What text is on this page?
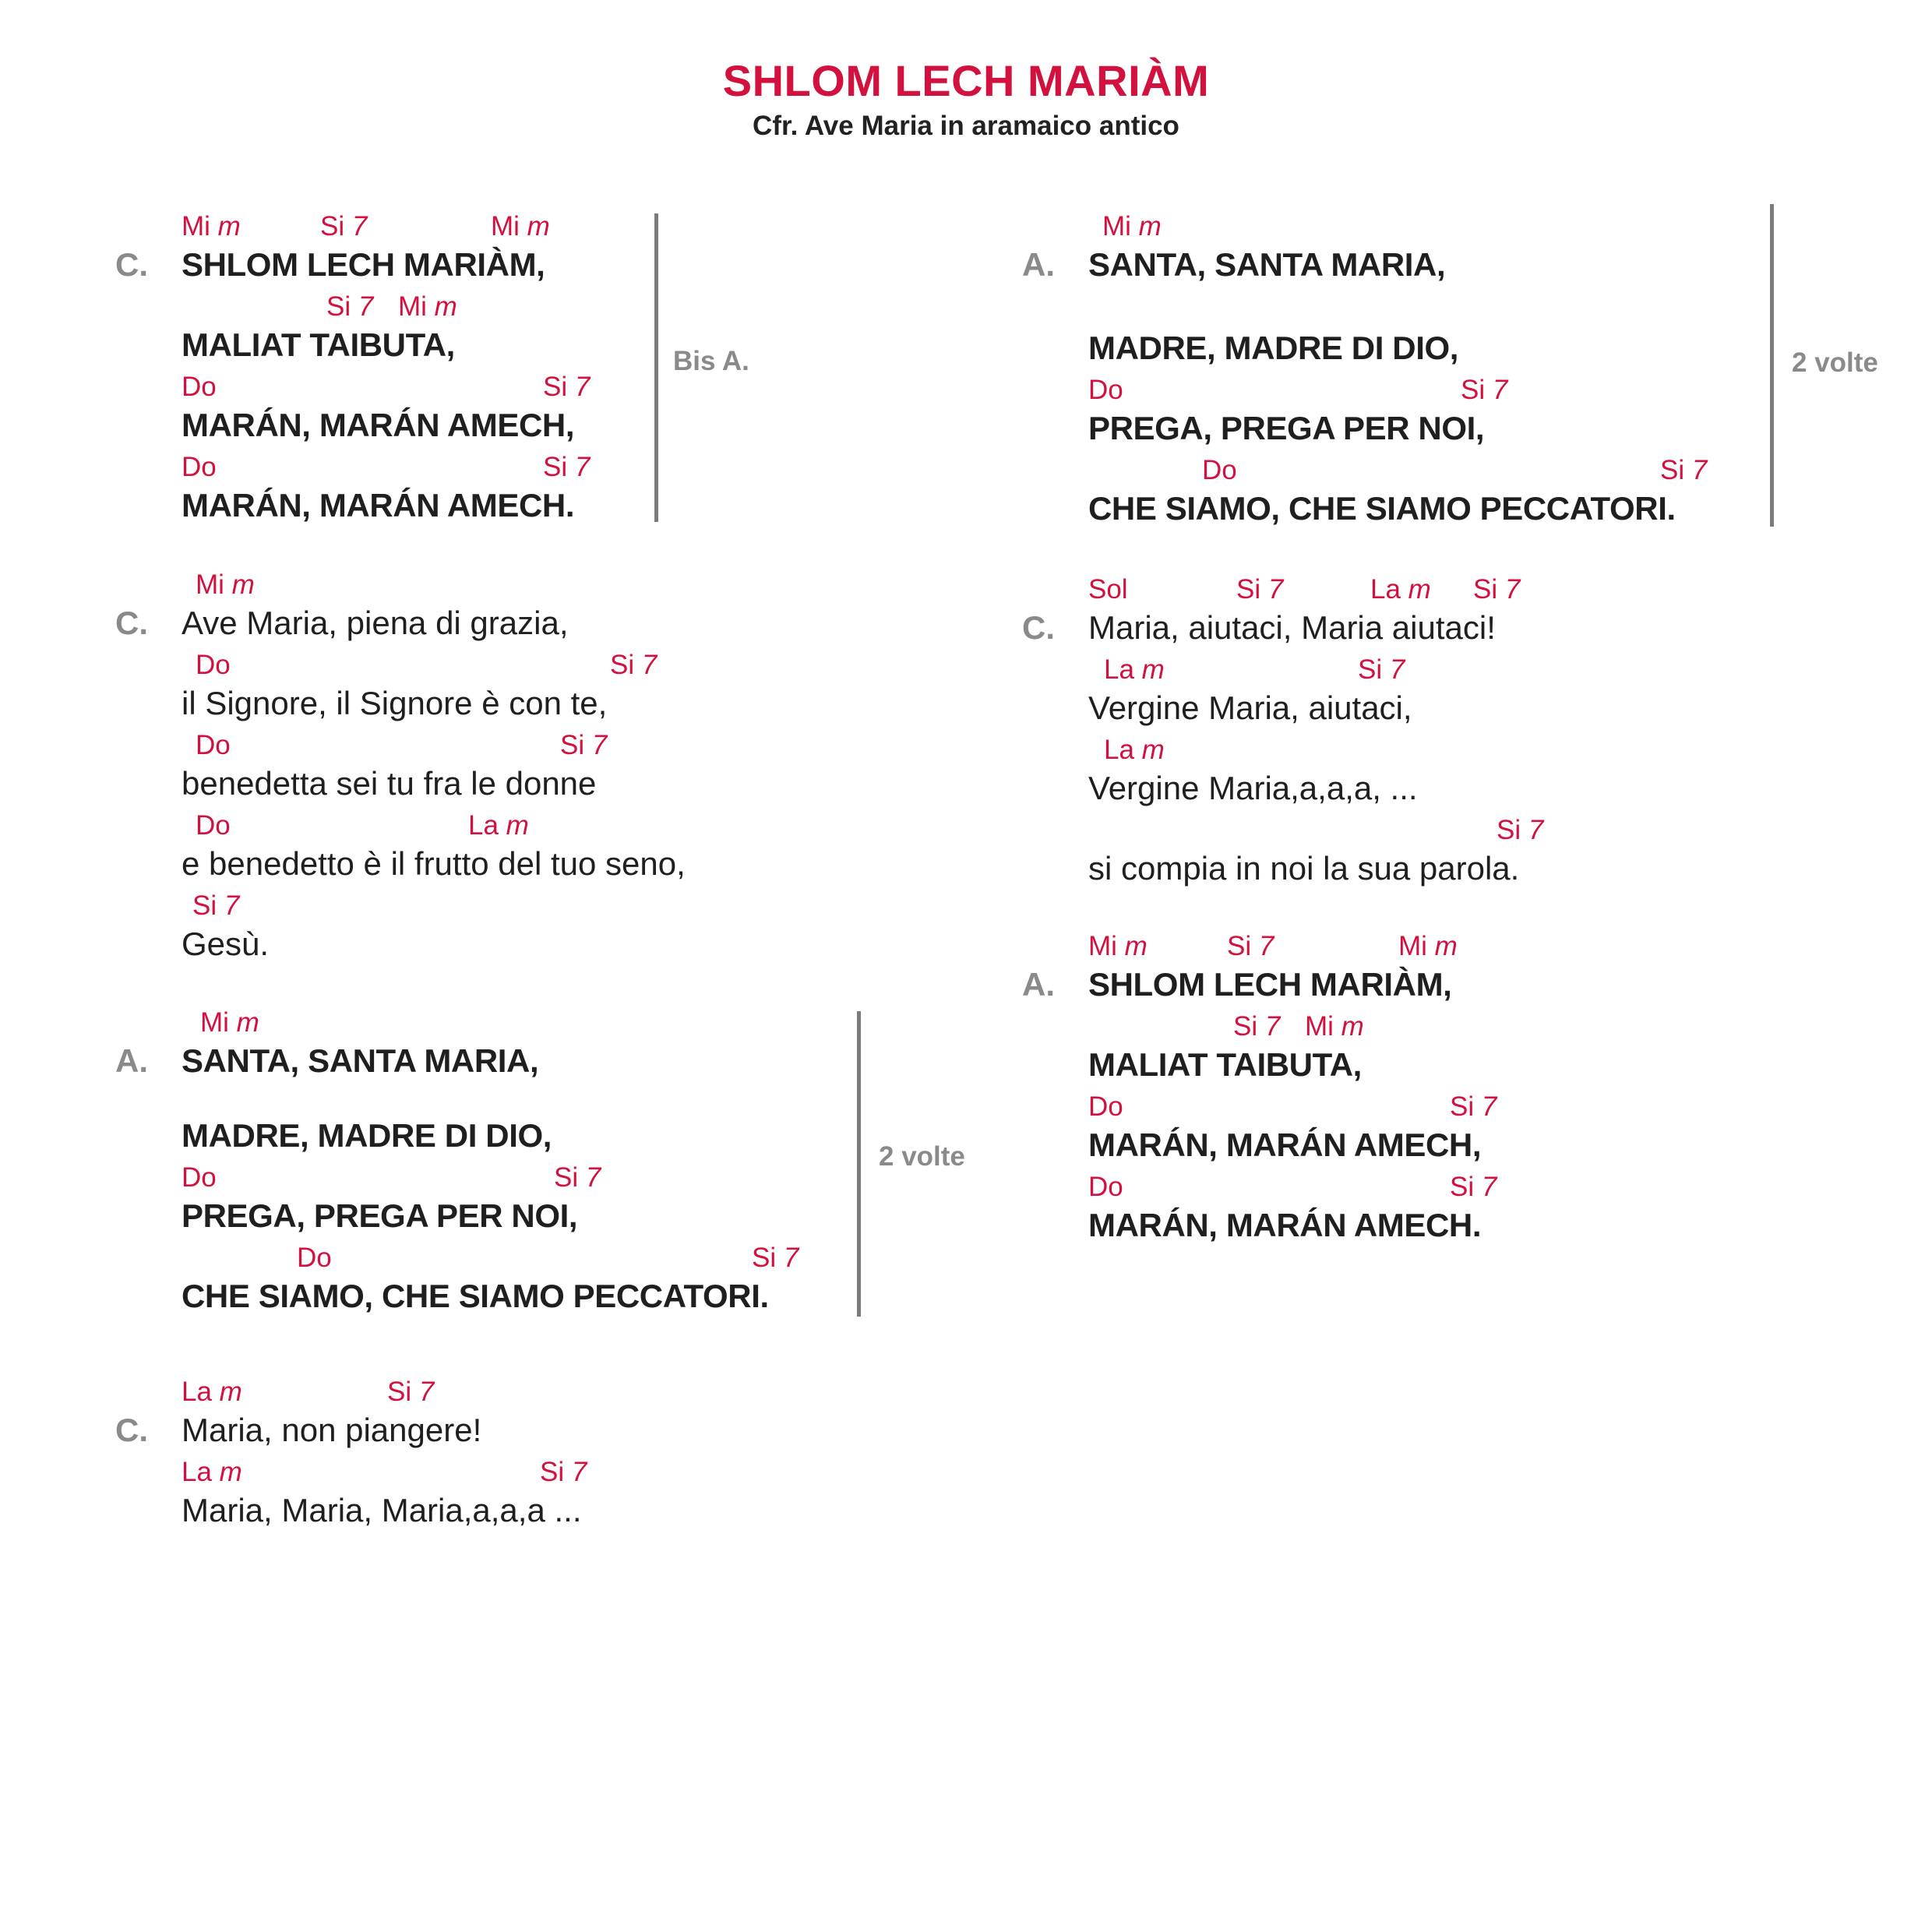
SHLOM LECH MARIÀM
Cfr. Ave Maria in aramaico antico
C.
Mi m	Si 7	Mi m
SHLOM LECH MARIÀM,
Si 7 Mi m
MALIAT TAIBUTA,
Do	Si 7
MARÁN, MARÁN AMECH,
Do	Si 7
MARÁN, MARÁN AMECH.
Bis A.
C.
Mi m
Ave Maria, piena di grazia,
Do	Si 7
il Signore, il Signore è con te,
Do	Si 7
benedetta sei tu fra le donne
Do	La m
e benedetto è il frutto del tuo seno,
Si 7
Gesù.
A.
Mi m
SANTA, SANTA MARIA,
MADRE, MADRE DI DIO,
Do	Si 7
PREGA, PREGA PER NOI,
Do	Si 7
CHE SIAMO, CHE SIAMO PECCATORI.
2 volte
C.
La m	Si 7
Maria, non piangere!
La m	Si 7
Maria, Maria, Maria,a,a,a ...
A.
Mi m
SANTA, SANTA MARIA,
MADRE, MADRE DI DIO,
Do	Si 7
PREGA, PREGA PER NOI,
Do	Si 7
CHE SIAMO, CHE SIAMO PECCATORI.
2 volte
C.
Sol	Si 7	La m Si 7
Maria, aiutaci, Maria aiutaci!
La m	Si 7
Vergine Maria, aiutaci,
La m
Vergine Maria,a,a,a, ...
Si 7
si compia in noi la sua parola.
A.
Mi m	Si 7	Mi m
SHLOM LECH MARIÀM,
Si 7 Mi m
MALIAT TAIBUTA,
Do	Si 7
MARÁN, MARÁN AMECH,
Do	Si 7
MARÁN, MARÁN AMECH.
